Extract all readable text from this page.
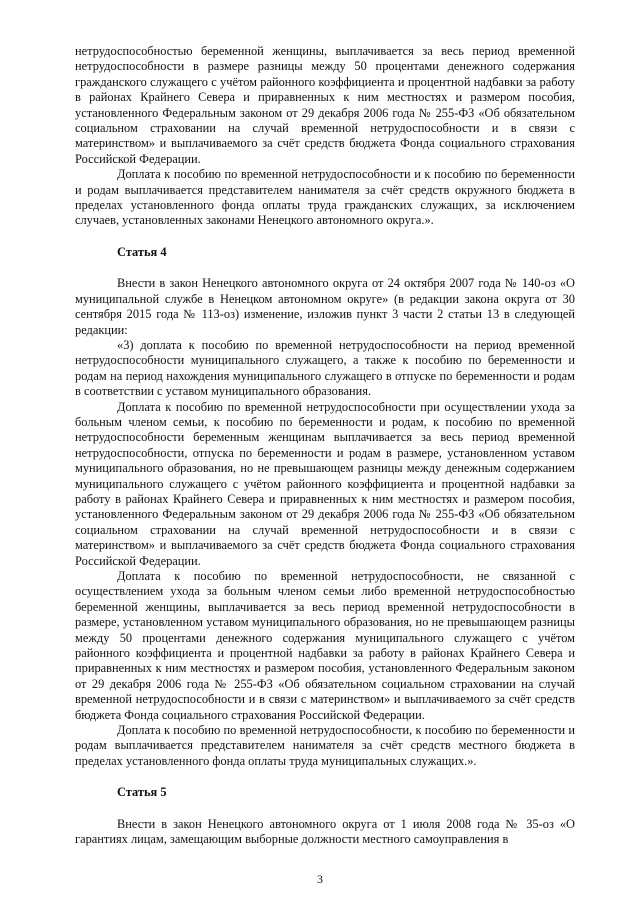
нетрудоспособностью беременной женщины, выплачивается за весь период временной нетрудоспособности в размере разницы между 50 процентами денежного содержания гражданского служащего с учётом районного коэффициента и процентной надбавки за работу в районах Крайнего Севера и приравненных к ним местностях и размером пособия, установленного Федеральным законом от 29 декабря 2006 года № 255-ФЗ «Об обязательном социальном страховании на случай временной нетрудоспособности и в связи с материнством» и выплачиваемого за счёт средств бюджета Фонда социального страхования Российской Федерации.

Доплата к пособию по временной нетрудоспособности и к пособию по беременности и родам выплачивается представителем нанимателя за счёт средств окружного бюджета в пределах установленного фонда оплаты труда гражданских служащих, за исключением случаев, установленных законами Ненецкого автономного округа.».

Статья 4

Внести в закон Ненецкого автономного округа от 24 октября 2007 года № 140-оз «О муниципальной службе в Ненецком автономном округе» (в редакции закона округа от 30 сентября 2015 года № 113-оз) изменение, изложив пункт 3 части 2 статьи 13 в следующей редакции:

«3) доплата к пособию по временной нетрудоспособности на период временной нетрудоспособности муниципального служащего, а также к пособию по беременности и родам на период нахождения муниципального служащего в отпуске по беременности и родам в соответствии с уставом муниципального образования.

Доплата к пособию по временной нетрудоспособности при осуществлении ухода за больным членом семьи, к пособию по беременности и родам, к пособию по временной нетрудоспособности беременным женщинам выплачивается за весь период временной нетрудоспособности, отпуска по беременности и родам в размере, установленном уставом муниципального образования, но не превышающем разницы между денежным содержанием муниципального служащего с учётом районного коэффициента и процентной надбавки за работу в районах Крайнего Севера и приравненных к ним местностях и размером пособия, установленного Федеральным законом от 29 декабря 2006 года № 255-ФЗ «Об обязательном социальном страховании на случай временной нетрудоспособности и в связи с материнством» и выплачиваемого за счёт средств бюджета Фонда социального страхования Российской Федерации.

Доплата к пособию по временной нетрудоспособности, не связанной с осуществлением ухода за больным членом семьи либо временной нетрудоспособностью беременной женщины, выплачивается за весь период временной нетрудоспособности в размере, установленном уставом муниципального образования, но не превышающем разницы между 50 процентами денежного содержания муниципального служащего с учётом районного коэффициента и процентной надбавки за работу в районах Крайнего Севера и приравненных к ним местностях и размером пособия, установленного Федеральным законом от 29 декабря 2006 года № 255-ФЗ «Об обязательном социальном страховании на случай временной нетрудоспособности и в связи с материнством» и выплачиваемого за счёт средств бюджета Фонда социального страхования Российской Федерации.

Доплата к пособию по временной нетрудоспособности, к пособию по беременности и родам выплачивается представителем нанимателя за счёт средств местного бюджета в пределах установленного фонда оплаты труда муниципальных служащих.».

Статья 5

Внести в закон Ненецкого автономного округа от 1 июля 2008 года № 35-оз «О гарантиях лицам, замещающим выборные должности местного самоуправления в

3
